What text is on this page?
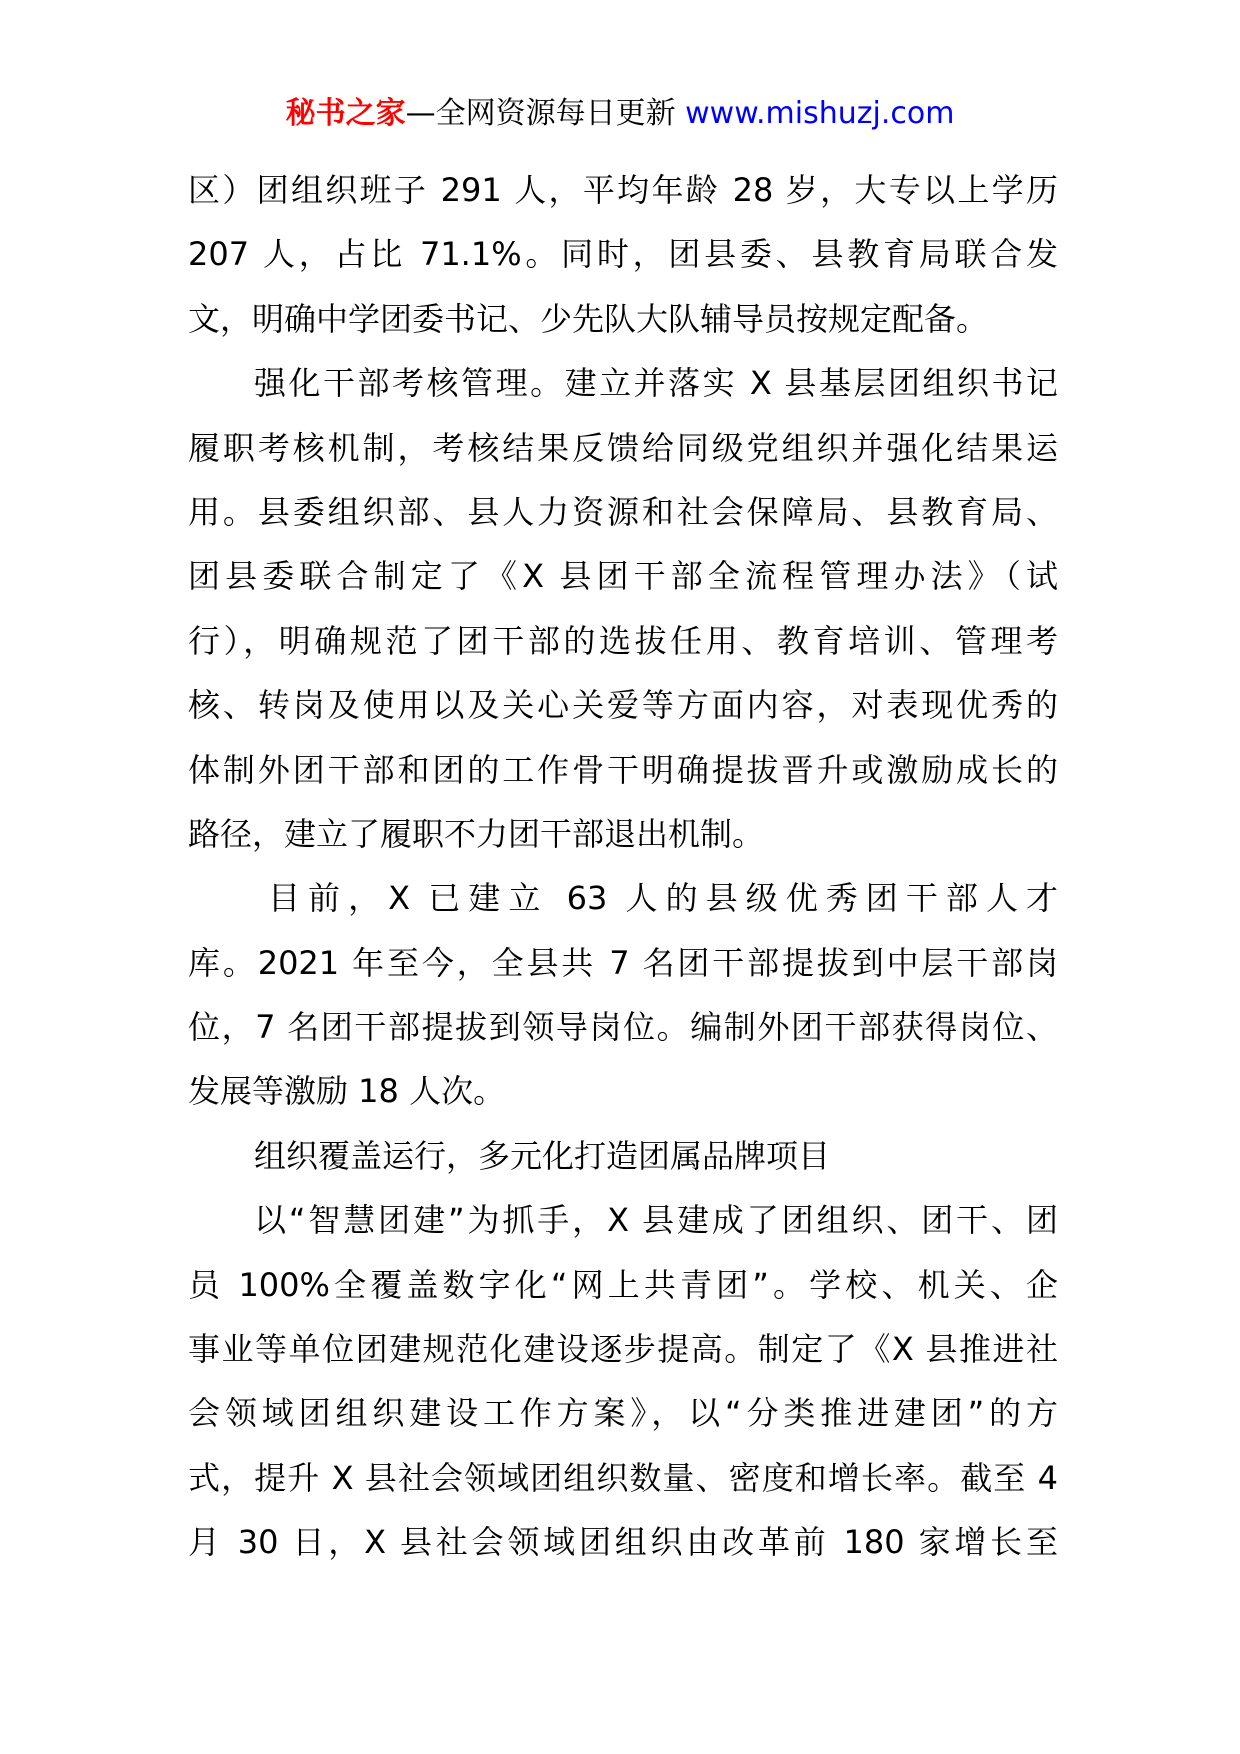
秘书之家—全网资源每日更新 www.mishuzj.com
区）团组织班子 291 人，平均年龄 28 岁，大专以上学历
207 人，占比 71.1%。同时，团县委、县教育局联合发
文，明确中学团委书记、少先队大队辅导员按规定配备。
强化干部考核管理。建立并落实 X 县基层团组织书记
履职考核机制，考核结果反馈给同级党组织并强化结果运
用。县委组织部、县人力资源和社会保障局、县教育局、
团县委联合制定了《X 县团干部全流程管理办法》（试
行），明确规范了团干部的选拔任用、教育培训、管理考
核、转岗及使用以及关心关爱等方面内容，对表现优秀的
体制外团干部和团的工作骨干明确提拔晋升或激励成长的
路径，建立了履职不力团干部退出机制。
目前，X 已建立 63 人的县级优秀团干部人才
库。2021 年至今，全县共 7 名团干部提拔到中层干部岗
位，7 名团干部提拔到领导岗位。编制外团干部获得岗位、
发展等激励 18 人次。
组织覆盖运行，多元化打造团属品牌项目
以“智慧团建”为抓手，X 县建成了团组织、团干、团
员 100%全覆盖数字化“网上共青团”。学校、机关、企
事业等单位团建规范化建设逐步提高。制定了《X 县推进社
会领域团组织建设工作方案》，以“分类推进建团”的方
式，提升 X 县社会领域团组织数量、密度和增长率。截至 4
月 30 日，X 县社会领域团组织由改革前 180 家增长至
